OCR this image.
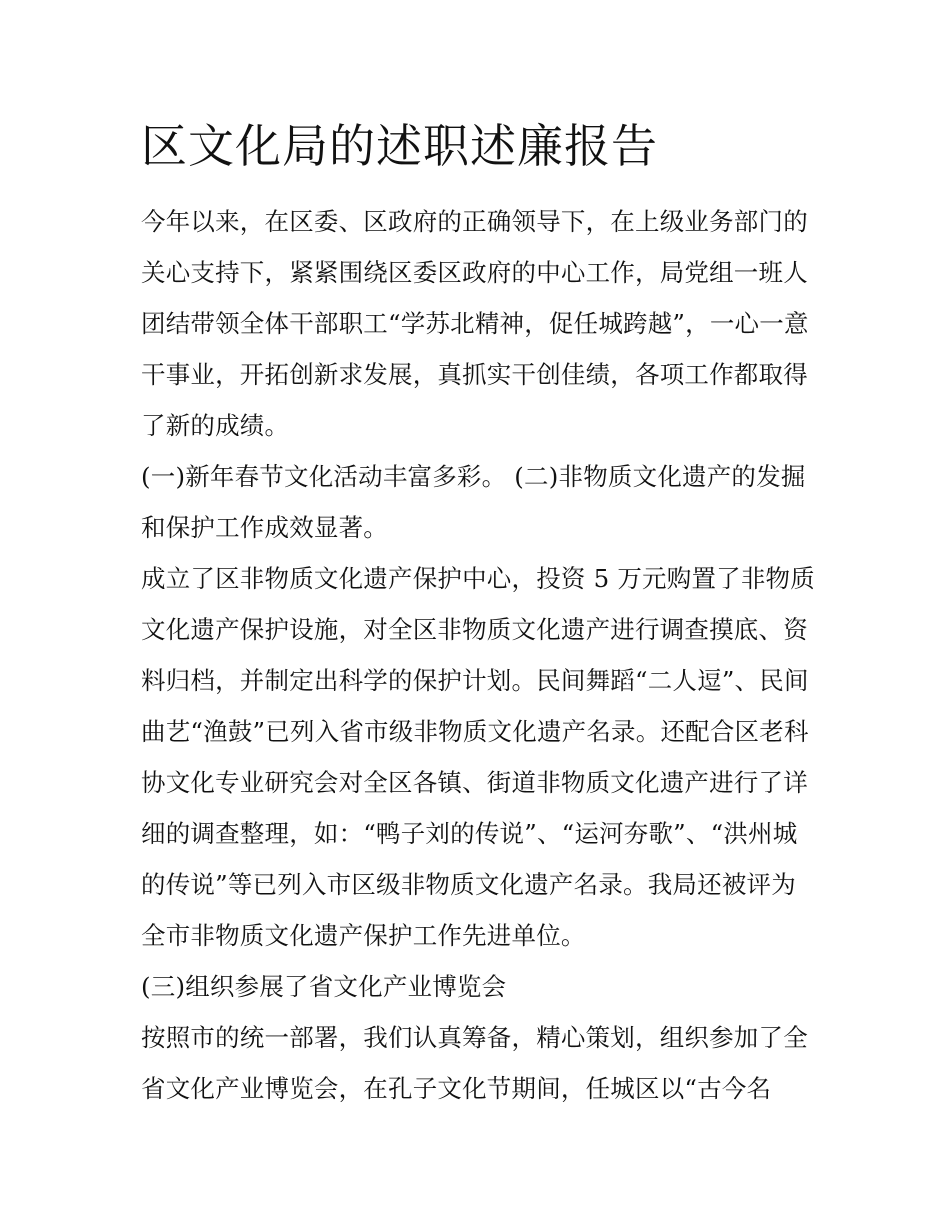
区文化局的述职述廉报告
今年以来，在区委、区政府的正确领导下，在上级业务部门的
关心支持下，紧紧围绕区委区政府的中心工作，局党组一班人
团结带领全体干部职工“学苏北精神，促任城跨越”，一心一意
干事业，开拓创新求发展，真抓实干创佳绩，各项工作都取得
了新的成绩。
(一)新年春节文化活动丰富多彩。 (二)非物质文化遗产的发掘
和保护工作成效显著。
成立了区非物质文化遗产保护中心，投资 5 万元购置了非物质
文化遗产保护设施，对全区非物质文化遗产进行调查摸底、资
料归档，并制定出科学的保护计划。民间舞蹈“二人逗”、民间
曲艺“渔鼓”已列入省市级非物质文化遗产名录。还配合区老科
协文化专业研究会对全区各镇、街道非物质文化遗产进行了详
细的调查整理，如：“鸭子刘的传说”、“运河夯歌”、“洪州城
的传说”等已列入市区级非物质文化遗产名录。我局还被评为
全市非物质文化遗产保护工作先进单位。
(三)组织参展了省文化产业博览会
按照市的统一部署，我们认真筹备，精心策划，组织参加了全
省文化产业博览会，在孔子文化节期间，任城区以“古今名
